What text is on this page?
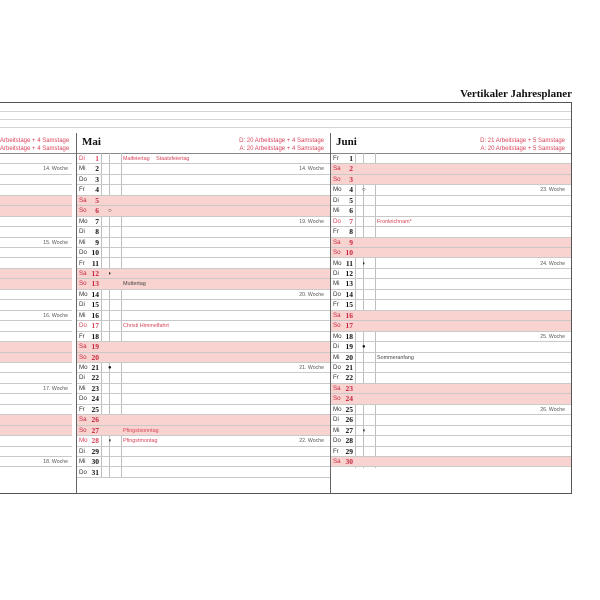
Vertikaler Jahresplaner
Arbeitstage + 4 Samstage
Arbeitstage + 4 Samstage
14. Woche
15. Woche
16. Woche
17. Woche
18. Woche
Mai	D: 20 Arbeitstage + 4 Samstage
A: 20 Arbeitstage + 4 Samstage
Di	1	Maifeiertag Staatsfeiertag
Mi	2	14. Woche
Do	3
Fr	4
Sa	5
So	6 ○
Mo	7	19. Woche
Di	8
Mi	9
Do 10
Fr 11
Sa 12 ◗
So 13	Muttertag
Mo 14	20. Woche
Di 15
Mi 16
Do 17	Christi Himmelfahrt
Fr 18
Sa 19
So 20
Mo 21 ●	21. Woche
Di 22
Mi 23
Do 24
Fr 25
Sa 26
So 27	Pfingstsonntag
Mo 28 ◖ Pfingstmontag	22. Woche
Di 29
Mi 30
Do 31
Juni	D: 21 Arbeitstage + 5 Samstage
A: 20 Arbeitstage + 5 Samstage
Fr	1
Sa	2
So	3
Mo	4 ○	23. Woche
Di	5
Mi	6
Do	7	Fronleichnam*
Fr	8
Sa	9
So 10
Mo 11 ◗	24. Woche
Di 12
Mi 13
Do 14
Fr 15
Sa 16
So 17
Mo 18	25. Woche
Di 19 ●
Mi 20	Sommeranfang
Do 21
Fr 22
Sa 23
So 24
Mo 25	26. Woche
Di 26
Mi 27 ◖
Do 28
Fr 29
Sa 30
